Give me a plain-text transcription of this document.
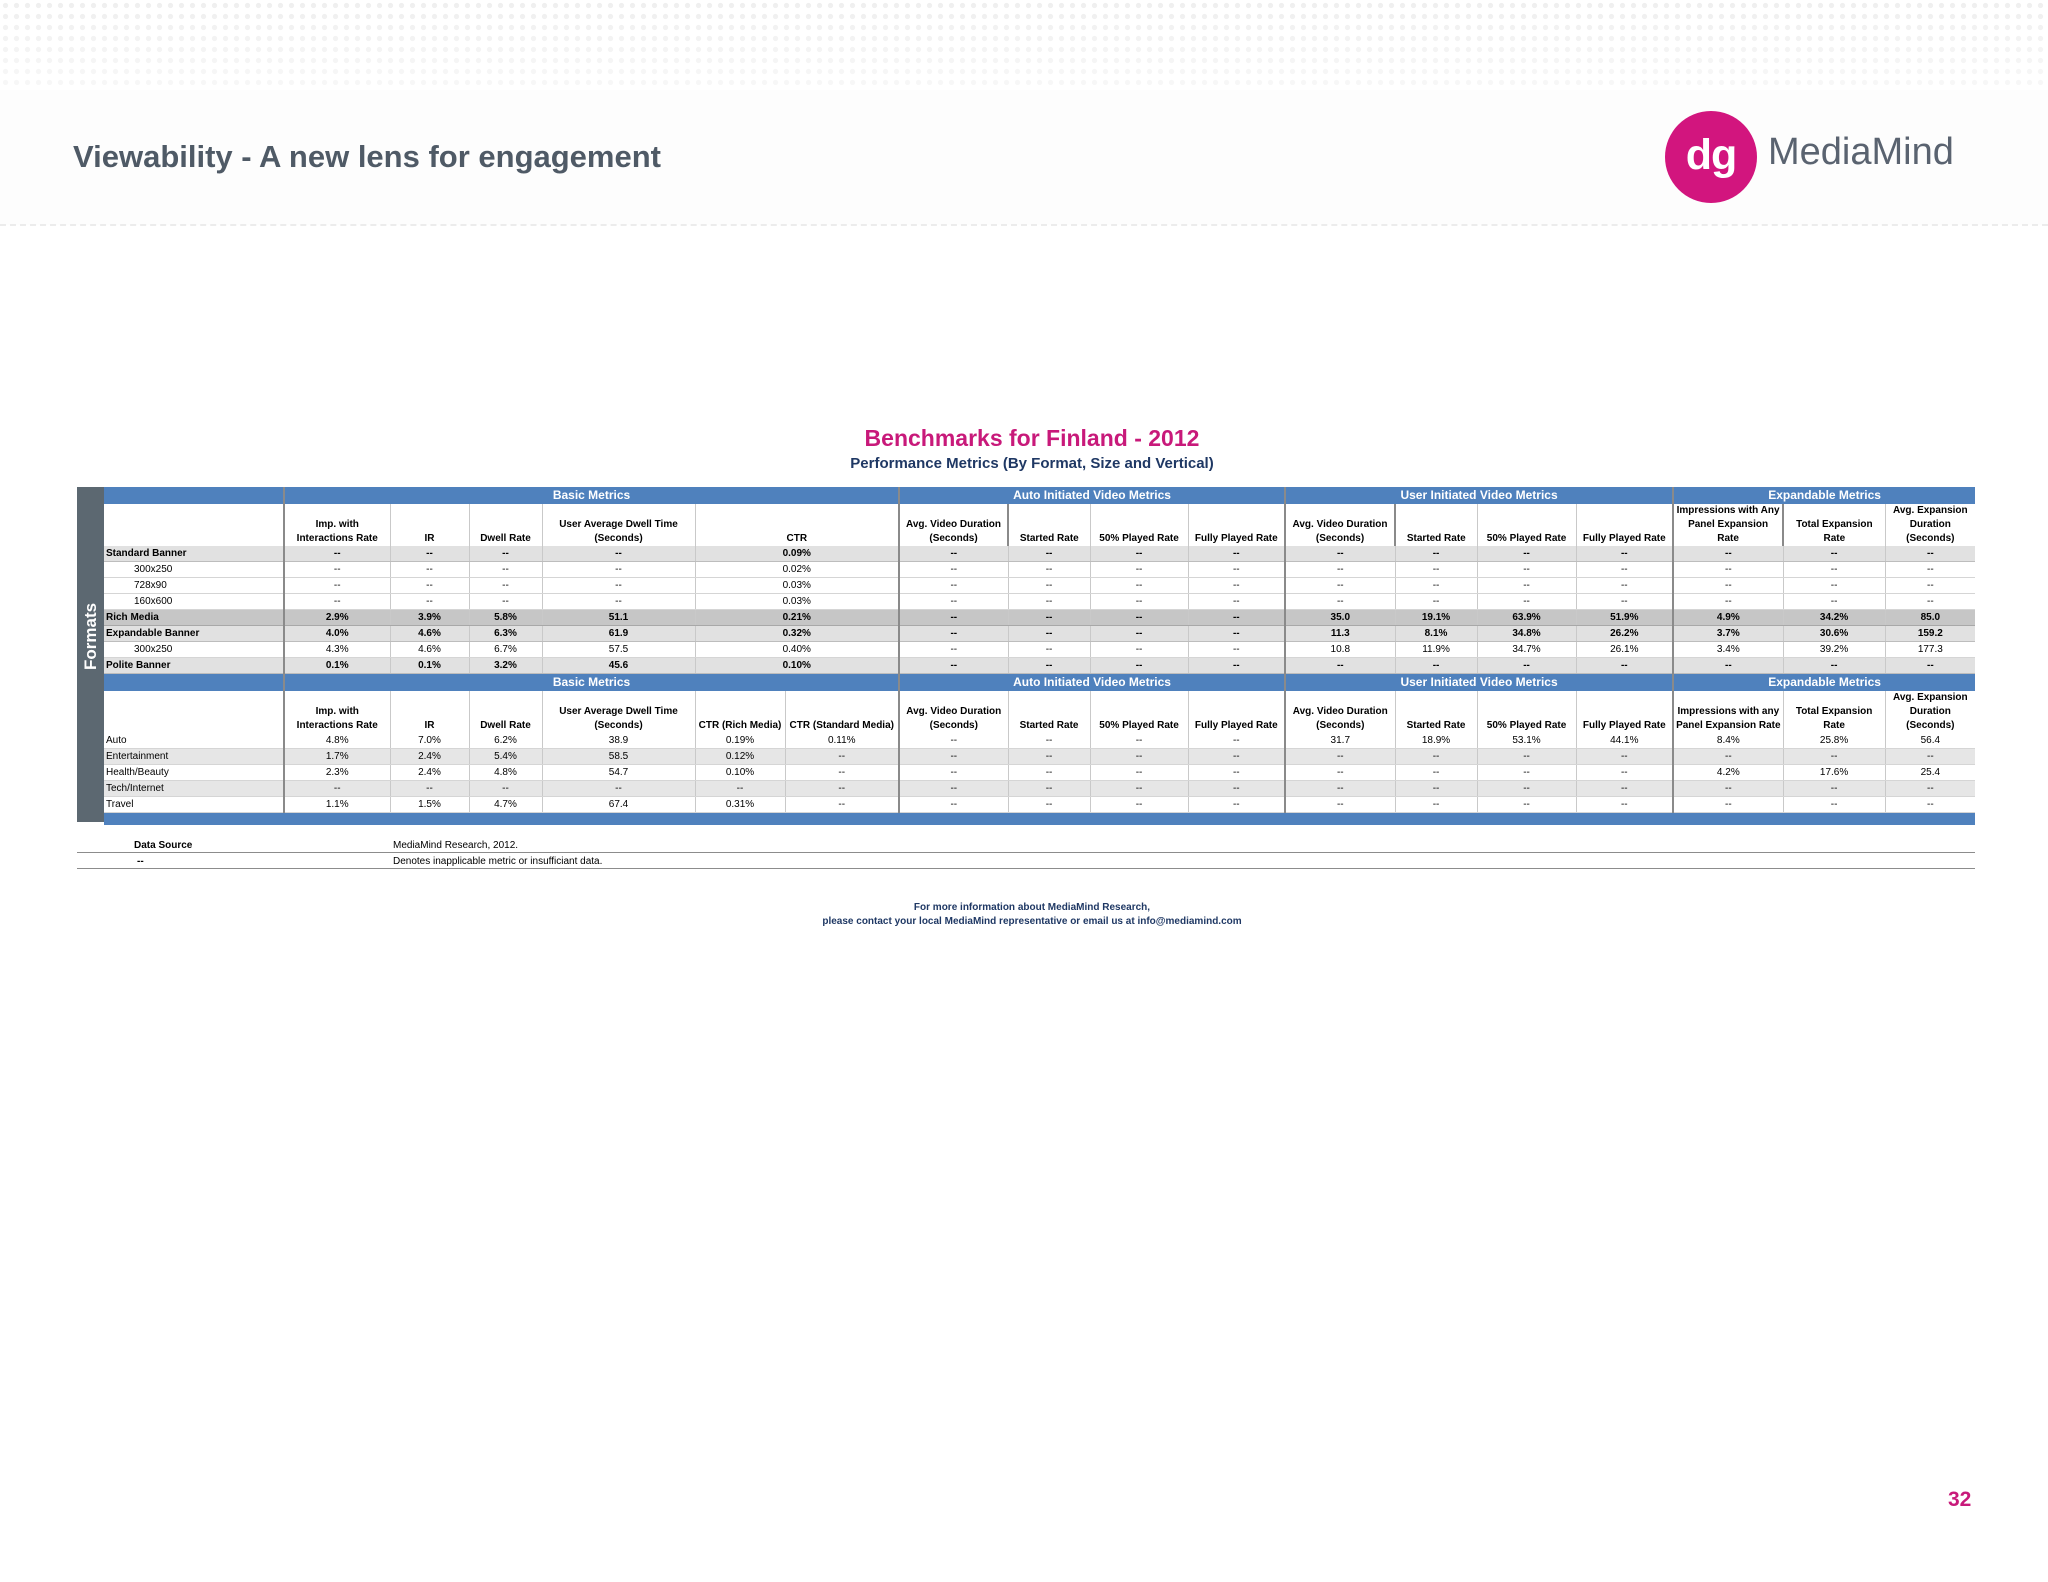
Viewability - A new lens for engagement	dg MediaMind
Benchmarks for Finland - 2012
Performance Metrics (By Format, Size and Vertical)
Formats
	Basic Metrics						Auto Initiated Video Metrics				User Initiated Video Metrics				Expandable Metrics		
	Imp. with Interactions Rate	IR	Dwell Rate	User Average Dwell Time (Seconds)	CTR		Avg. Video Duration (Seconds)	Started Rate	50% Played Rate	Fully Played Rate	Avg. Video Duration (Seconds)	Started Rate	50% Played Rate	Fully Played Rate	Impressions with Any Panel Expansion Rate	Total Expansion Rate	Avg. Expansion Duration (Seconds)
Standard Banner	--	--	--	--	0.09%		--	--	--	--	--	--	--	--	--	--	--
300x250	--	--	--	--	0.02%		--	--	--	--	--	--	--	--	--	--	--
728x90	--	--	--	--	0.03%		--	--	--	--	--	--	--	--	--	--	--
160x600	--	--	--	--	0.03%		--	--	--	--	--	--	--	--	--	--	--
Rich Media	2.9%	3.9%	5.8%	51.1	0.21%		--	--	--	--	35.0	19.1%	63.9%	51.9%	4.9%	34.2%	85.0
Expandable Banner	4.0%	4.6%	6.3%	61.9	0.32%		--	--	--	--	11.3	8.1%	34.8%	26.2%	3.7%	30.6%	159.2
300x250	4.3%	4.6%	6.7%	57.5	0.40%		--	--	--	--	10.8	11.9%	34.7%	26.1%	3.4%	39.2%	177.3
Polite Banner	0.1%	0.1%	3.2%	45.6	0.10%		--	--	--	--	--	--	--	--	--	--	--
	Basic Metrics						Auto Initiated Video Metrics				User Initiated Video Metrics				Expandable Metrics		
	Imp. with Interactions Rate	IR	Dwell Rate	User Average Dwell Time (Seconds)	CTR (Rich Media)	CTR (Standard Media)	Avg. Video Duration (Seconds)	Started Rate	50% Played Rate	Fully Played Rate	Avg. Video Duration (Seconds)	Started Rate	50% Played Rate	Fully Played Rate	Impressions with any Panel Expansion Rate	Total Expansion Rate	Avg. Expansion Duration (Seconds)
Auto	4.8%	7.0%	6.2%	38.9	0.19%	0.11%	--	--	--	--	31.7	18.9%	53.1%	44.1%	8.4%	25.8%	56.4
Entertainment	1.7%	2.4%	5.4%	58.5	0.12%	--	--	--	--	--	--	--	--	--	--	--	--
Health/Beauty	2.3%	2.4%	4.8%	54.7	0.10%	--	--	--	--	--	--	--	--	--	4.2%	17.6%	25.4
Tech/Internet	--	--	--	--	--	--	--	--	--	--	--	--	--	--	--	--	--
Travel	1.1%	1.5%	4.7%	67.4	0.31%	--	--	--	--	--	--	--	--	--	--	--	--

Data Source	MediaMind Research, 2012.
--	Denotes inapplicable metric or insufficiant data.
For more information about MediaMind Research,
please contact your local MediaMind representative or email us at info@mediamind.com
32
